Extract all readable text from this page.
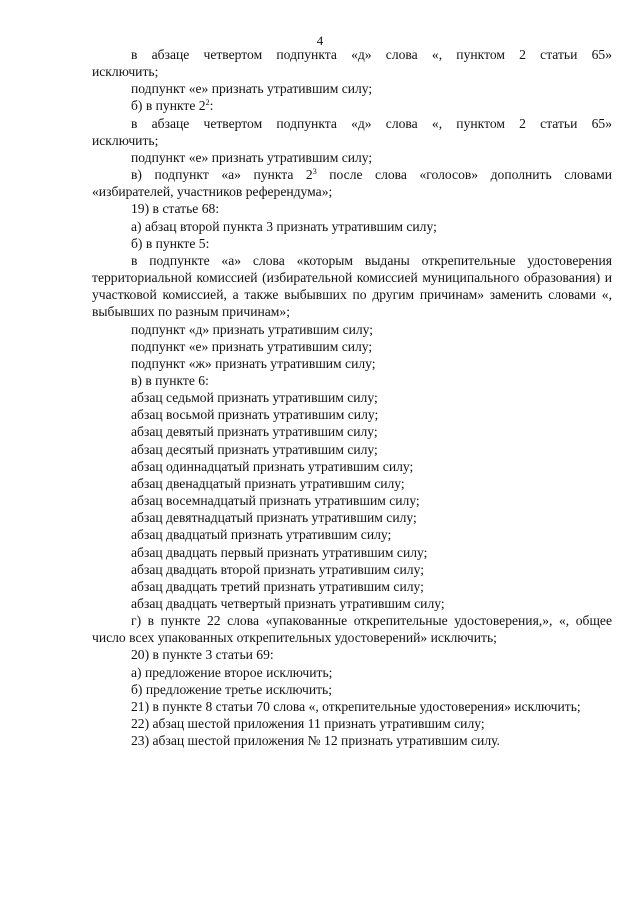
4

в абзаце четвертом подпункта «д» слова «, пунктом 2 статьи 65»

исключить;

подпункт «е» признать утратившим силу;

б) в пункте $2^2$:

в абзаце четвертом подпункта «д» слова «, пунктом 2 статьи 65»

исключить;

подпункт «е» признать утратившим силу;

в) подпункт «а» пункта $2^3$ после слова «голосов» дополнить словами

«избирателей, участников референдума»;

19) в статье 68:

а) абзац второй пункта 3 признать утратившим силу;

б) в пункте 5:

в подпункте «а» слова «которым выданы открепительные удостоверения территориальной комиссией (избирательной комиссией муниципального образования) и участковой комиссией, а также выбывших по другим причинам» заменить словами «, выбывших по разным причинам»;

подпункт «д» признать утратившим силу;

подпункт «е» признать утратившим силу;

подпункт «ж» признать утратившим силу;

в) в пункте 6:

абзац седьмой признать утратившим силу;

абзац восьмой признать утратившим силу;

абзац девятый признать утратившим силу;

абзац десятый признать утратившим силу;

абзац одиннадцатый признать утратившим силу;

абзац двенадцатый признать утратившим силу;

абзац восемнадцатый признать утратившим силу;

абзац девятнадцатый признать утратившим силу;

абзац двадцатый признать утратившим силу;

абзац двадцать первый признать утратившим силу;

абзац двадцать второй признать утратившим силу;

абзац двадцать третий признать утратившим силу;

абзац двадцать четвертый признать утратившим силу;

г) в пункте 22 слова «упакованные открепительные удостоверения,», «, общее число всех упакованных открепительных удостоверений» исключить;

20) в пункте 3 статьи 69:

а) предложение второе исключить;

б) предложение третье исключить;

21) в пункте 8 статьи 70 слова «, открепительные удостоверения» исключить;

22) абзац шестой приложения 11 признать утратившим силу;

23) абзац шестой приложения № 12 признать утратившим силу.
